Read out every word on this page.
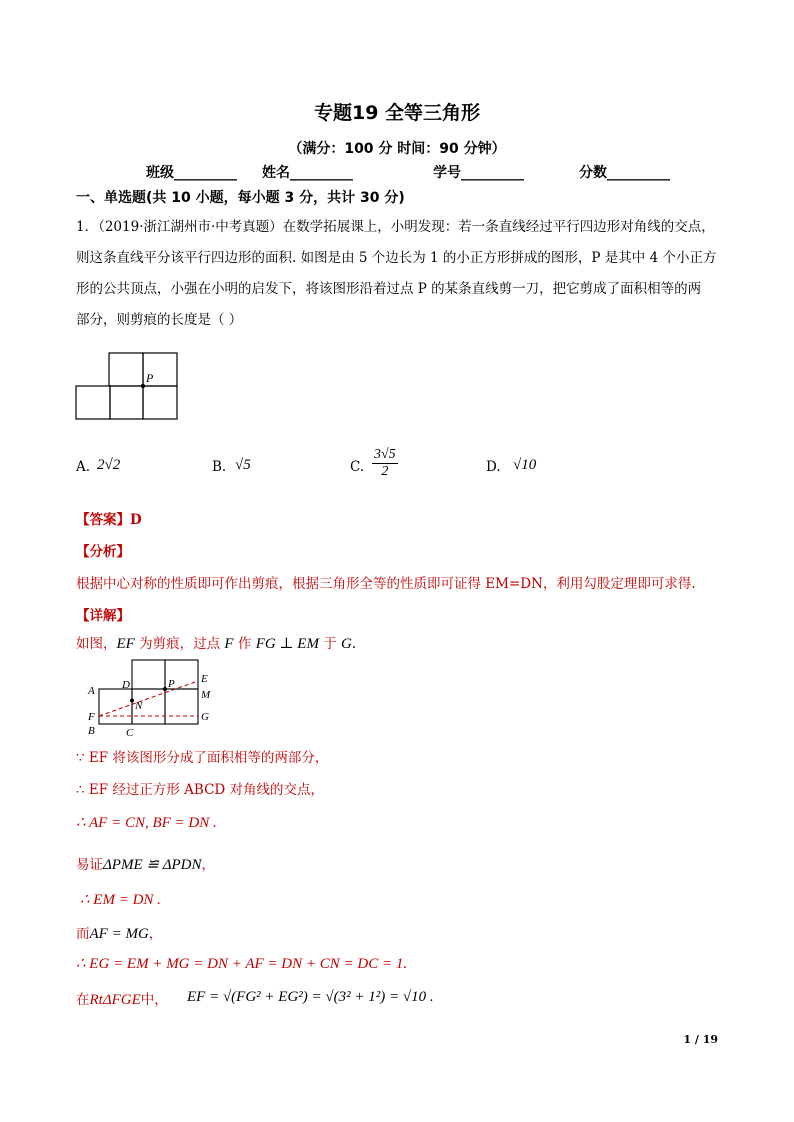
专题19 全等三角形
（满分：100 分 时间：90 分钟）
班级_________ 姓名_________	学号_________	分数_________
一、单选题(共 10 小题，每小题 3 分，共计 30 分)
1．（2019·浙江湖州市·中考真题）在数学拓展课上，小明发现：若一条直线经过平行四边形对角线的交点，
则这条直线平分该平行四边形的面积. 如图是由 5 个边长为 1 的小正方形拼成的图形，P 是其中 4 个小正方
形的公共顶点，小强在小明的启发下，将该图形沿着过点 P 的某条直线剪一刀，把它剪成了面积相等的两
部分，则剪痕的长度是（ ）
P
A. 2√2	B. √5	C. $\frac{3√5}{2}$	D. √10
【答案】D
【分析】
根据中心对称的性质即可作出剪痕，根据三角形全等的性质即可证得 EM=DN，利用勾股定理即可求得.
【详解】
如图，EF 为剪痕，过点 F 作 FG ⊥ EM 于 G.
A
B	C
D	E
F	G
M
N
P
∵ EF 将该图形分成了面积相等的两部分，
∴ EF 经过正方形 ABCD 对角线的交点，
∴ AF = CN, BF = DN .
易证ΔPME ≌ ΔPDN，
∴ EM = DN .
而AF = MG，
∴ EG = EM + MG = DN + AF = DN + CN = DC = 1.
在RtΔFGE中， EF = √(FG² + EG²) = √(3² + 1²) = √10 .
1 / 19
